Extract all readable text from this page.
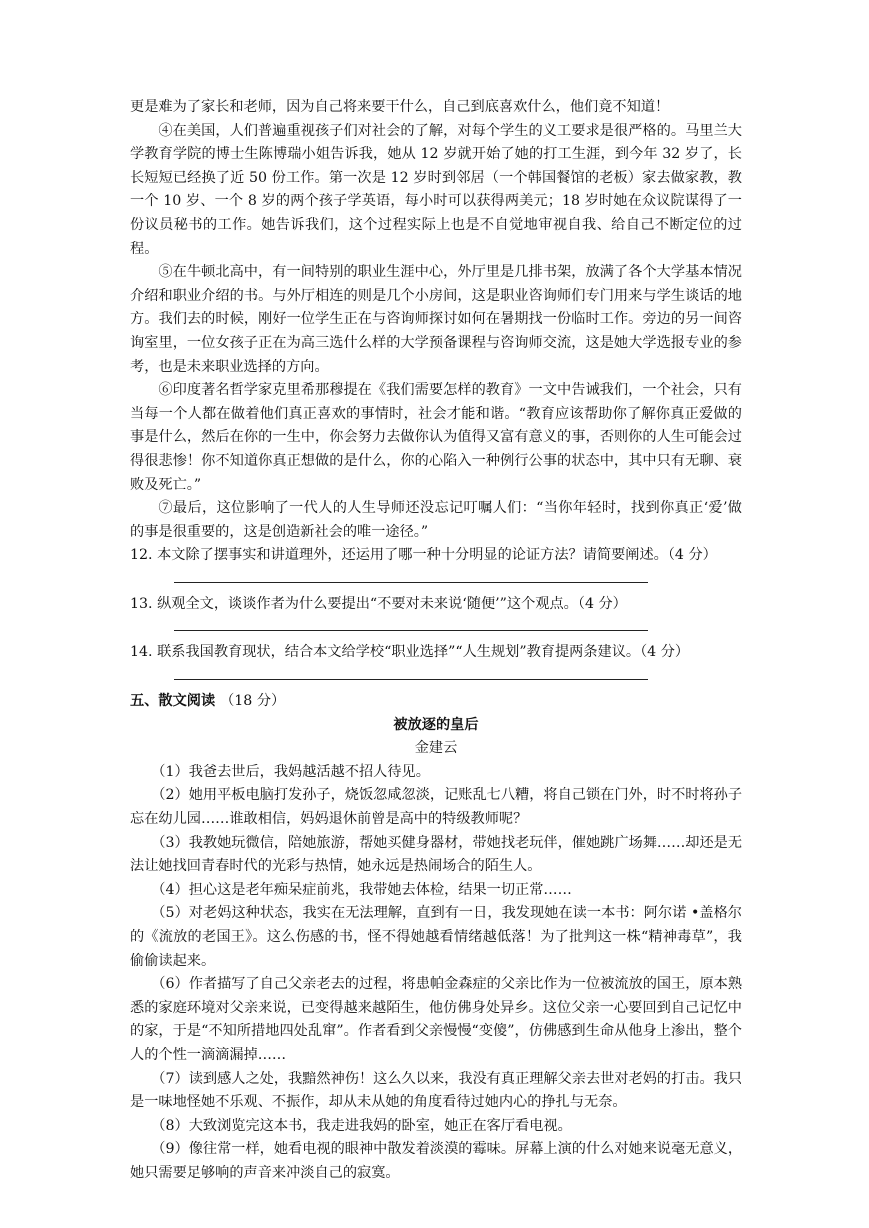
更是难为了家长和老师，因为自己将来要干什么，自己到底喜欢什么，他们竟不知道！

④在美国，人们普遍重视孩子们对社会的了解，对每个学生的义工要求是很严格的。马里兰大学教育学院的博士生陈博瑞小姐告诉我，她从 12 岁就开始了她的打工生涯，到今年 32 岁了，长长短短已经换了近 50 份工作。第一次是 12 岁时到邻居（一个韩国餐馆的老板）家去做家教，教一个 10 岁、一个 8 岁的两个孩子学英语，每小时可以获得两美元；18 岁时她在众议院谋得了一份议员秘书的工作。她告诉我们，这个过程实际上也是不自觉地审视自我、给自己不断定位的过程。

⑤在牛顿北高中，有一间特别的职业生涯中心，外厅里是几排书架，放满了各个大学基本情况介绍和职业介绍的书。与外厅相连的则是几个小房间，这是职业咨询师们专门用来与学生谈话的地方。我们去的时候，刚好一位学生正在与咨询师探讨如何在暑期找一份临时工作。旁边的另一间咨询室里，一位女孩子正在为高三选什么样的大学预备课程与咨询师交流，这是她大学选报专业的参考，也是未来职业选择的方向。

⑥印度著名哲学家克里希那穆提在《我们需要怎样的教育》一文中告诫我们，一个社会，只有当每一个人都在做着他们真正喜欢的事情时，社会才能和谐。“教育应该帮助你了解你真正爱做的事是什么，然后在你的一生中，你会努力去做你认为值得又富有意义的事，否则你的人生可能会过得很悲惨！你不知道你真正想做的是什么，你的心陷入一种例行公事的状态中，其中只有无聊、衰败及死亡。”

⑦最后，这位影响了一代人的人生导师还没忘记叮嘱人们：“当你年轻时，找到你真正‘爱’做的事是很重要的，这是创造新社会的唯一途径。”

12. 本文除了摆事实和讲道理外，还运用了哪一种十分明显的论证方法？请简要阐述。（4 分）

13. 纵观全文，谈谈作者为什么要提出“不要对未来说‘随便’”这个观点。（4 分）

14. 联系我国教育现状，结合本文给学校“职业选择”“人生规划”教育提两条建议。（4 分）

五、散文阅读 （18 分）

被放逐的皇后

金建云

（1）我爸去世后，我妈越活越不招人待见。

（2）她用平板电脑打发孙子，烧饭忽咸忽淡，记账乱七八糟，将自己锁在门外，时不时将孙子忘在幼儿园……谁敢相信，妈妈退休前曾是高中的特级教师呢？

（3）我教她玩微信，陪她旅游，帮她买健身器材，带她找老玩伴，催她跳广场舞……却还是无法让她找回青春时代的光彩与热情，她永远是热闹场合的陌生人。

（4）担心这是老年痴呆症前兆，我带她去体检，结果一切正常……

（5）对老妈这种状态，我实在无法理解，直到有一日，我发现她在读一本书：阿尔诺 •盖格尔的《流放的老国王》。这么伤感的书，怪不得她越看情绪越低落！为了批判这一株“精神毒草”，我偷偷读起来。

（6）作者描写了自己父亲老去的过程，将患帕金森症的父亲比作为一位被流放的国王，原本熟悉的家庭环境对父亲来说，已变得越来越陌生，他仿佛身处异乡。这位父亲一心要回到自己记忆中的家，于是“不知所措地四处乱窜”。作者看到父亲慢慢“变傻”，仿佛感到生命从他身上渗出，整个人的个性一滴滴漏掉……

（7）读到感人之处，我黯然神伤！这么久以来，我没有真正理解父亲去世对老妈的打击。我只是一味地怪她不乐观、不振作，却从未从她的角度看待过她内心的挣扎与无奈。

（8）大致浏览完这本书，我走进我妈的卧室，她正在客厅看电视。

（9）像往常一样，她看电视的眼神中散发着淡漠的霉味。屏幕上演的什么对她来说毫无意义，她只需要足够响的声音来冲淡自己的寂寞。
